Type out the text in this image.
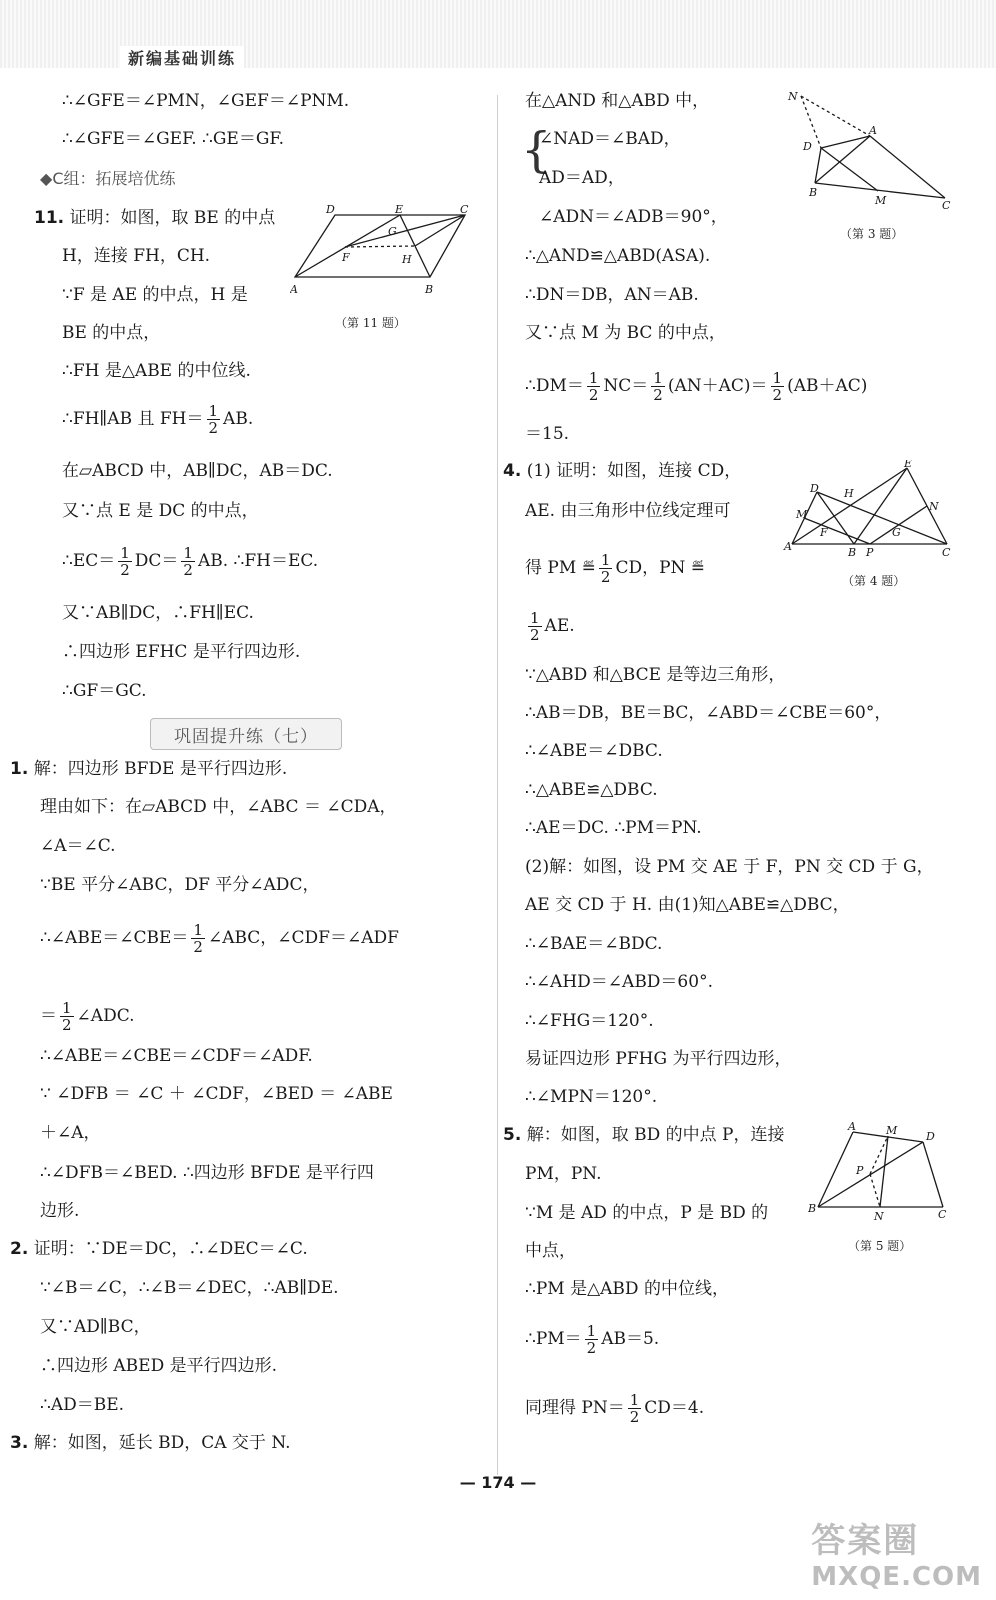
新编基础训练
∴∠GFE＝∠PMN，∠GEF＝∠PNM.
∴∠GFE＝∠GEF. ∴GE＝GF.
◆C组：拓展培优练
11. 证明：如图，取 BE 的中点
H，连接 FH，CH.
∵F 是 AE 的中点，H 是
BE 的中点，
∴FH 是△ABE 的中位线.
∴FH∥AB 且 $FH= \frac{1}{2}$ AB.
在▱ABCD 中，AB∥DC，AB＝DC.
又∵点 E 是 DC 的中点，
∴EC＝ $\frac{1}{2} DC= \frac{1}{2}$ AB. ∴FH＝EC.
又∵AB∥DC，∴FH∥EC.
∴四边形 EFHC 是平行四边形.
∴GF＝GC.
1. 解：四边形 BFDE 是平行四边形.
理由如下：在▱ABCD 中，∠ABC ＝ ∠CDA，
∠A＝∠C.
∵BE 平分∠ABC，DF 平分∠ADC，
∴∠ABE＝∠CBE＝ $\frac{1}{2}$ ∠ABC，∠CDF＝∠ADF
＝ $\frac{1}{2}$ ∠ADC.
∴∠ABE＝∠CBE＝∠CDF＝∠ADF.
∵ ∠DFB ＝ ∠C ＋ ∠CDF，∠BED ＝ ∠ABE
＋∠A，
∴∠DFB＝∠BED. ∴四边形 BFDE 是平行四
边形.
2. 证明：∵DE＝DC，∴∠DEC＝∠C.
∵∠B＝∠C，∴∠B＝∠DEC，∴AB∥DE.
又∵AD∥BC，
∴四边形 ABED 是平行四边形.
∴AD＝BE.
3. 解：如图，延长 BD，CA 交于 N.
巩固提升练（七）
D	E	C
G
F	H
A	B
（第 11 题）
在△AND 和△ABD 中，
{
∠NAD＝∠BAD，
AD＝AD，
∠ADN＝∠ADB＝90°，
∴△AND≌△ABD(ASA).
∴DN＝DB，AN＝AB.
又∵点 M 为 BC 的中点，
∴DM＝ $\frac{1}{2} NC= \frac{1}{2} (AN+AC)= \frac{1}{2} (AB+AC)$
＝15.
4. (1) 证明：如图，连接 CD，
AE. 由三角形中位线定理可
得 PM ≝ $\frac{1}{2}$ CD，PN ≝
$\frac{1}{2}$ AE.
∵△ABD 和△BCE 是等边三角形，
∴AB＝DB，BE＝BC，∠ABD＝∠CBE＝60°，
∴∠ABE＝∠DBC.
∴△ABE≌△DBC.
∴AE＝DC. ∴PM＝PN.
(2)解：如图，设 PM 交 AE 于 F，PN 交 CD 于 G，
AE 交 CD 于 H. 由(1)知△ABE≌△DBC，
∴∠BAE＝∠BDC.
∴∠AHD＝∠ABD＝60°.
∴∠FHG＝120°.
易证四边形 PFHG 为平行四边形，
∴∠MPN＝120°.
5. 解：如图，取 BD 的中点 P，连接
PM，PN.
∵M 是 AD 的中点，P 是 BD 的
中点，
∴PM 是△ABD 的中位线，
∴PM＝ $\frac{1}{2} AB=5$.
同理得 $PN= \frac{1}{2} CD=4$.
N
A
D
B
M	C
（第 3 题）
E
D H
N
M
F	G
A	B P	C
（第 4 题）
A	M	D
P
B
N	C
（第 5 题）
— 174 —
答案圈
MXQE.COM
